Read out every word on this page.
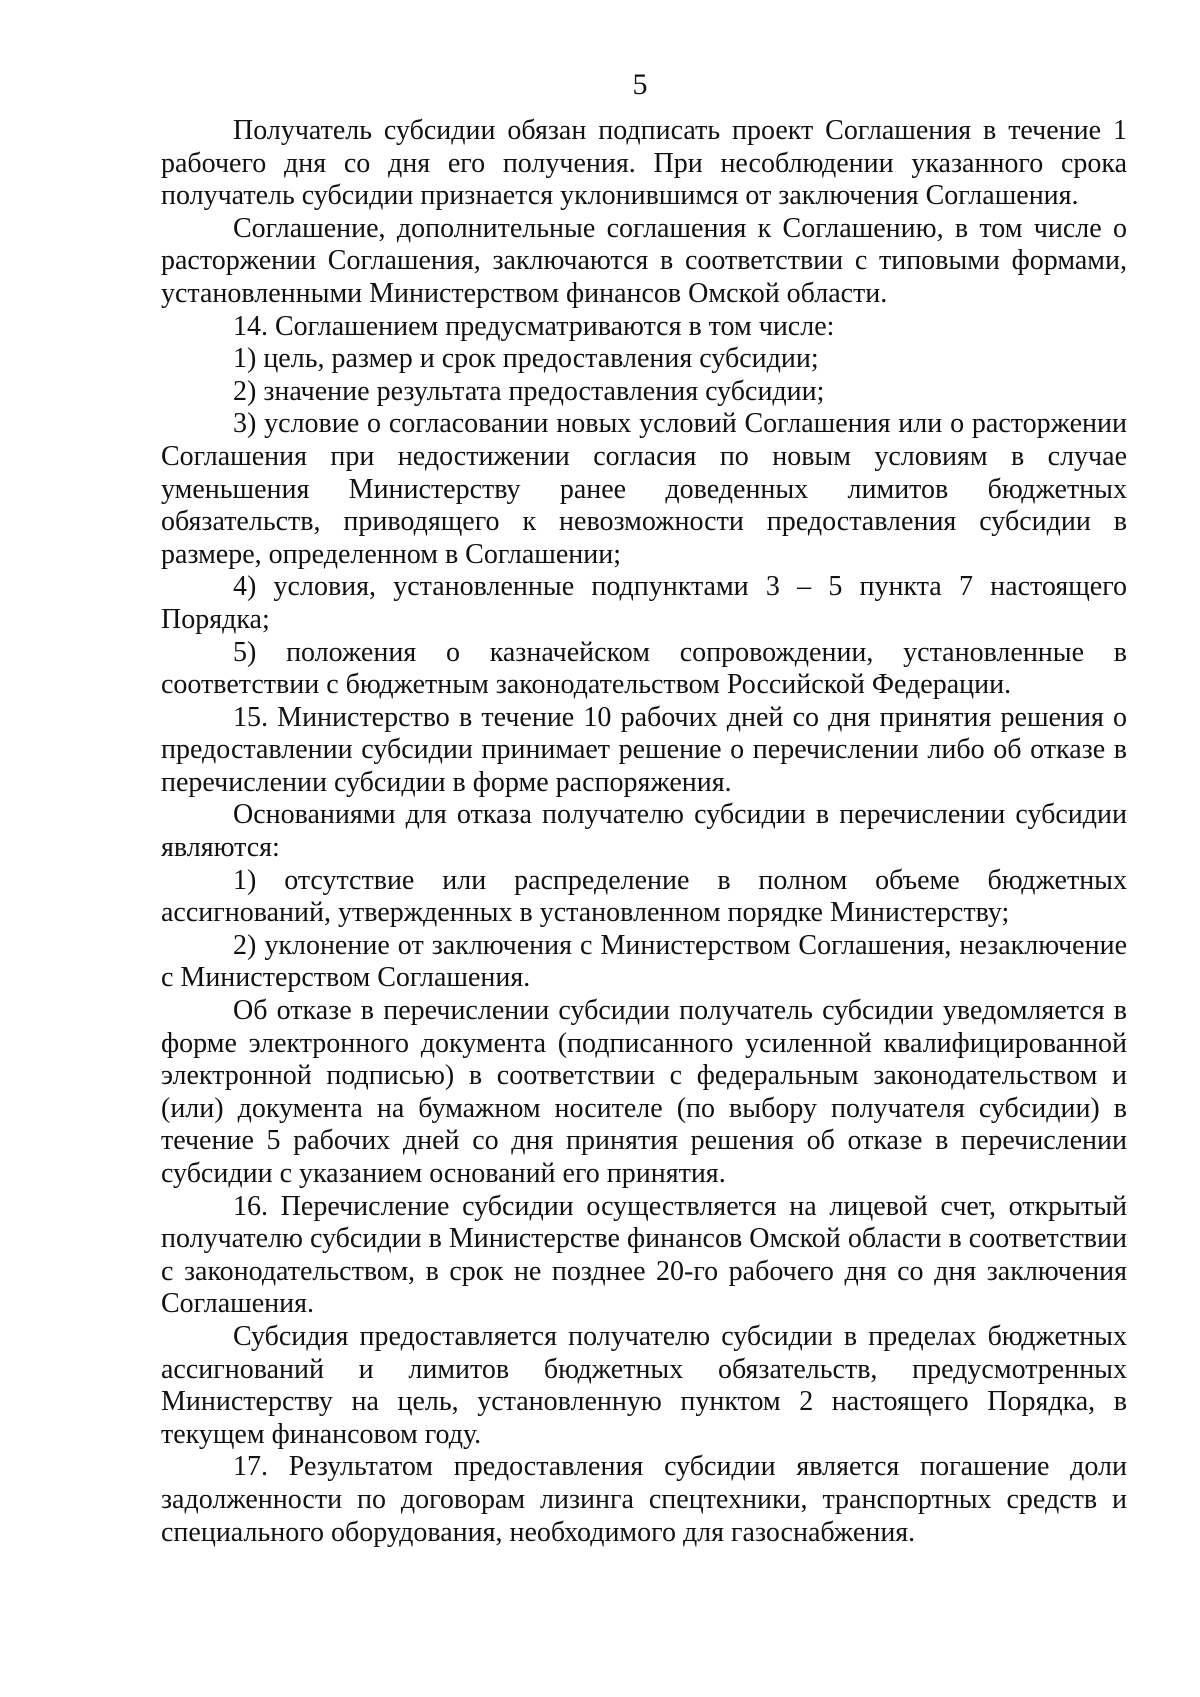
5

Получатель субсидии обязан подписать проект Соглашения в течение 1 рабочего дня со дня его получения. При несоблюдении указанного срока получатель субсидии признается уклонившимся от заключения Соглашения.

Соглашение, дополнительные соглашения к Соглашению, в том числе о расторжении Соглашения, заключаются в соответствии с типовыми формами, установленными Министерством финансов Омской области.

14. Соглашением предусматриваются в том числе:

1) цель, размер и срок предоставления субсидии;

2) значение результата предоставления субсидии;

3) условие о согласовании новых условий Соглашения или о расторжении Соглашения при недостижении согласия по новым условиям в случае уменьшения Министерству ранее доведенных лимитов бюджетных обязательств, приводящего к невозможности предоставления субсидии в размере, определенном в Соглашении;

4) условия, установленные подпунктами 3 – 5 пункта 7 настоящего Порядка;

5) положения о казначейском сопровождении, установленные в соответствии с бюджетным законодательством Российской Федерации.

15. Министерство в течение 10 рабочих дней со дня принятия решения о предоставлении субсидии принимает решение о перечислении либо об отказе в перечислении субсидии в форме распоряжения.

Основаниями для отказа получателю субсидии в перечислении субсидии являются:

1) отсутствие или распределение в полном объеме бюджетных ассигнований, утвержденных в установленном порядке Министерству;

2) уклонение от заключения с Министерством Соглашения, незаключение с Министерством Соглашения.

Об отказе в перечислении субсидии получатель субсидии уведомляется в форме электронного документа (подписанного усиленной квалифицированной электронной подписью) в соответствии с федеральным законодательством и (или) документа на бумажном носителе (по выбору получателя субсидии) в течение 5 рабочих дней со дня принятия решения об отказе в перечислении субсидии с указанием оснований его принятия.

16. Перечисление субсидии осуществляется на лицевой счет, открытый получателю субсидии в Министерстве финансов Омской области в соответствии с законодательством, в срок не позднее 20-го рабочего дня со дня заключения Соглашения.

Субсидия предоставляется получателю субсидии в пределах бюджетных ассигнований и лимитов бюджетных обязательств, предусмотренных Министерству на цель, установленную пунктом 2 настоящего Порядка, в текущем финансовом году.

17. Результатом предоставления субсидии является погашение доли задолженности по договорам лизинга спецтехники, транспортных средств и специального оборудования, необходимого для газоснабжения.
